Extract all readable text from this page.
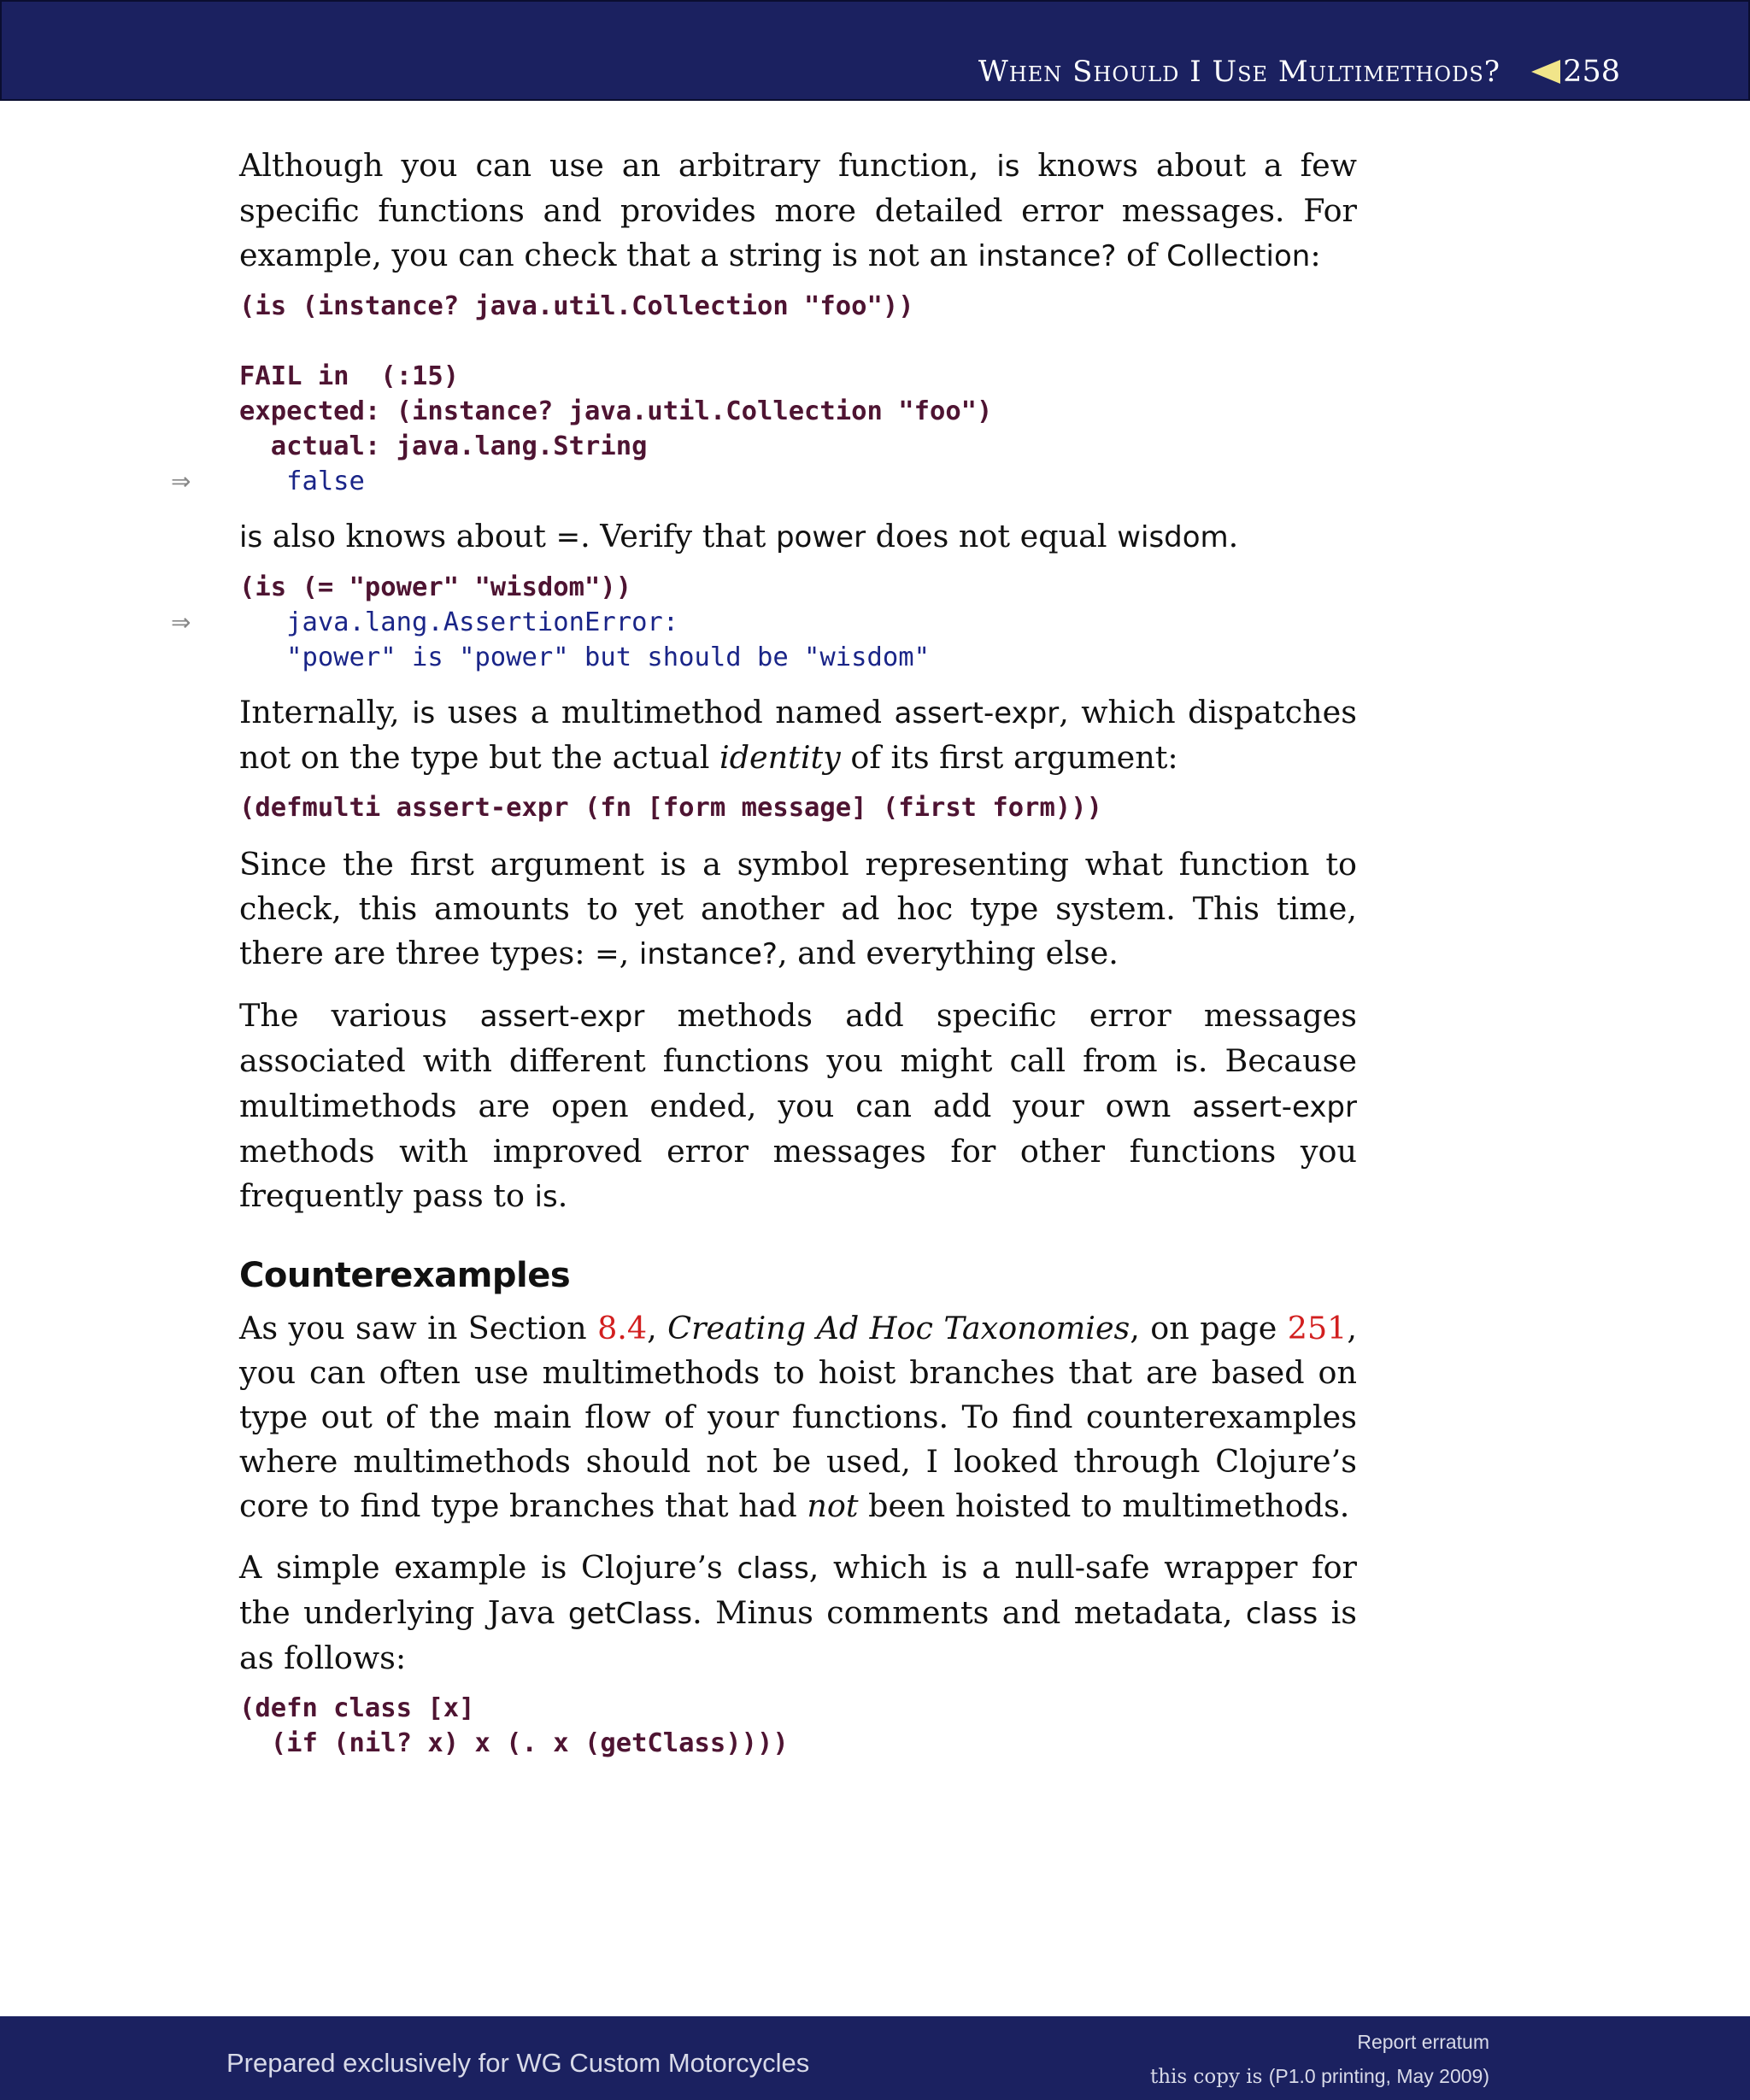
When Should I Use Multimethods? 258

Although you can use an arbitrary function, is knows about a few specific functions and provides more detailed error messages. For example, you can check that a string is not an instance? of Collection:

(is (instance? java.util.Collection "foo"))
FAIL in  (:15)
expected: (instance? java.util.Collection "foo")
actual: java.lang.String
⇒ false

is also knows about =. Verify that power does not equal wisdom.

(is (= "power" "wisdom"))
⇒ java.lang.AssertionError:
"power" is "power" but should be "wisdom"

Internally, is uses a multimethod named assert-expr, which dispatches not on the type but the actual identity of its first argument:

(defmulti assert-expr (fn [form message] (first form)))

Since the first argument is a symbol representing what function to check, this amounts to yet another ad hoc type system. This time, there are three types: =, instance?, and everything else.

The various assert-expr methods add specific error messages associated with different functions you might call from is. Because multimethods are open ended, you can add your own assert-expr methods with improved error messages for other functions you frequently pass to is.

Counterexamples

As you saw in Section 8.4, Creating Ad Hoc Taxonomies, on page 251, you can often use multimethods to hoist branches that are based on type out of the main flow of your functions. To find counterexamples where multimethods should not be used, I looked through Clojure’s core to find type branches that had not been hoisted to multimethods.

A simple example is Clojure’s class, which is a null-safe wrapper for the underlying Java getClass. Minus comments and metadata, class is as follows:

(defn class [x]
(if (nil? x) x (. x (getClass))))
Prepared exclusively for WG Custom Motorcycles
Report erratum
this copy is (P1.0 printing, May 2009)
